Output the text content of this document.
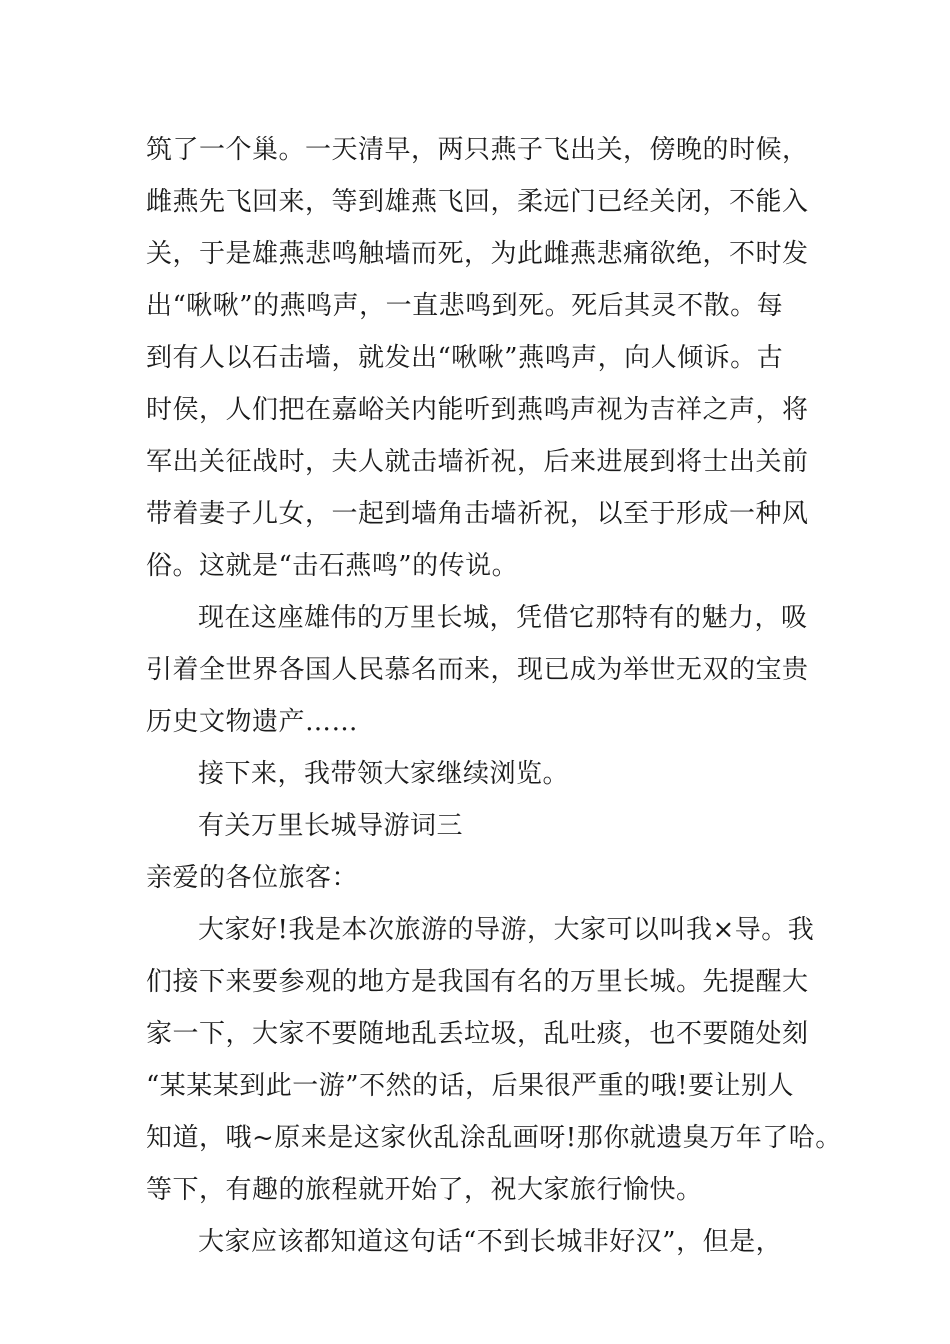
筑了一个巢。一天清早，两只燕子飞出关，傍晚的时候，
雌燕先飞回来，等到雄燕飞回，柔远门已经关闭，不能入
关，于是雄燕悲鸣触墙而死，为此雌燕悲痛欲绝，不时发
出“啾啾”的燕鸣声，一直悲鸣到死。死后其灵不散。每
到有人以石击墙，就发出“啾啾”燕鸣声，向人倾诉。古
时侯，人们把在嘉峪关内能听到燕鸣声视为吉祥之声，将
军出关征战时，夫人就击墙祈祝，后来进展到将士出关前
带着妻子儿女，一起到墙角击墙祈祝，以至于形成一种风
俗。这就是“击石燕鸣”的传说。
现在这座雄伟的万里长城，凭借它那特有的魅力，吸
引着全世界各国人民慕名而来，现已成为举世无双的宝贵
历史文物遗产……
接下来，我带领大家继续浏览。
有关万里长城导游词三
亲爱的各位旅客：
大家好!我是本次旅游的导游，大家可以叫我×导。我
们接下来要参观的地方是我国有名的万里长城。先提醒大
家一下，大家不要随地乱丢垃圾，乱吐痰，也不要随处刻
“某某某到此一游”不然的话，后果很严重的哦!要让别人
知道，哦~原来是这家伙乱涂乱画呀!那你就遗臭万年了哈。
等下，有趣的旅程就开始了，祝大家旅行愉快。
大家应该都知道这句话“不到长城非好汉”，但是，
